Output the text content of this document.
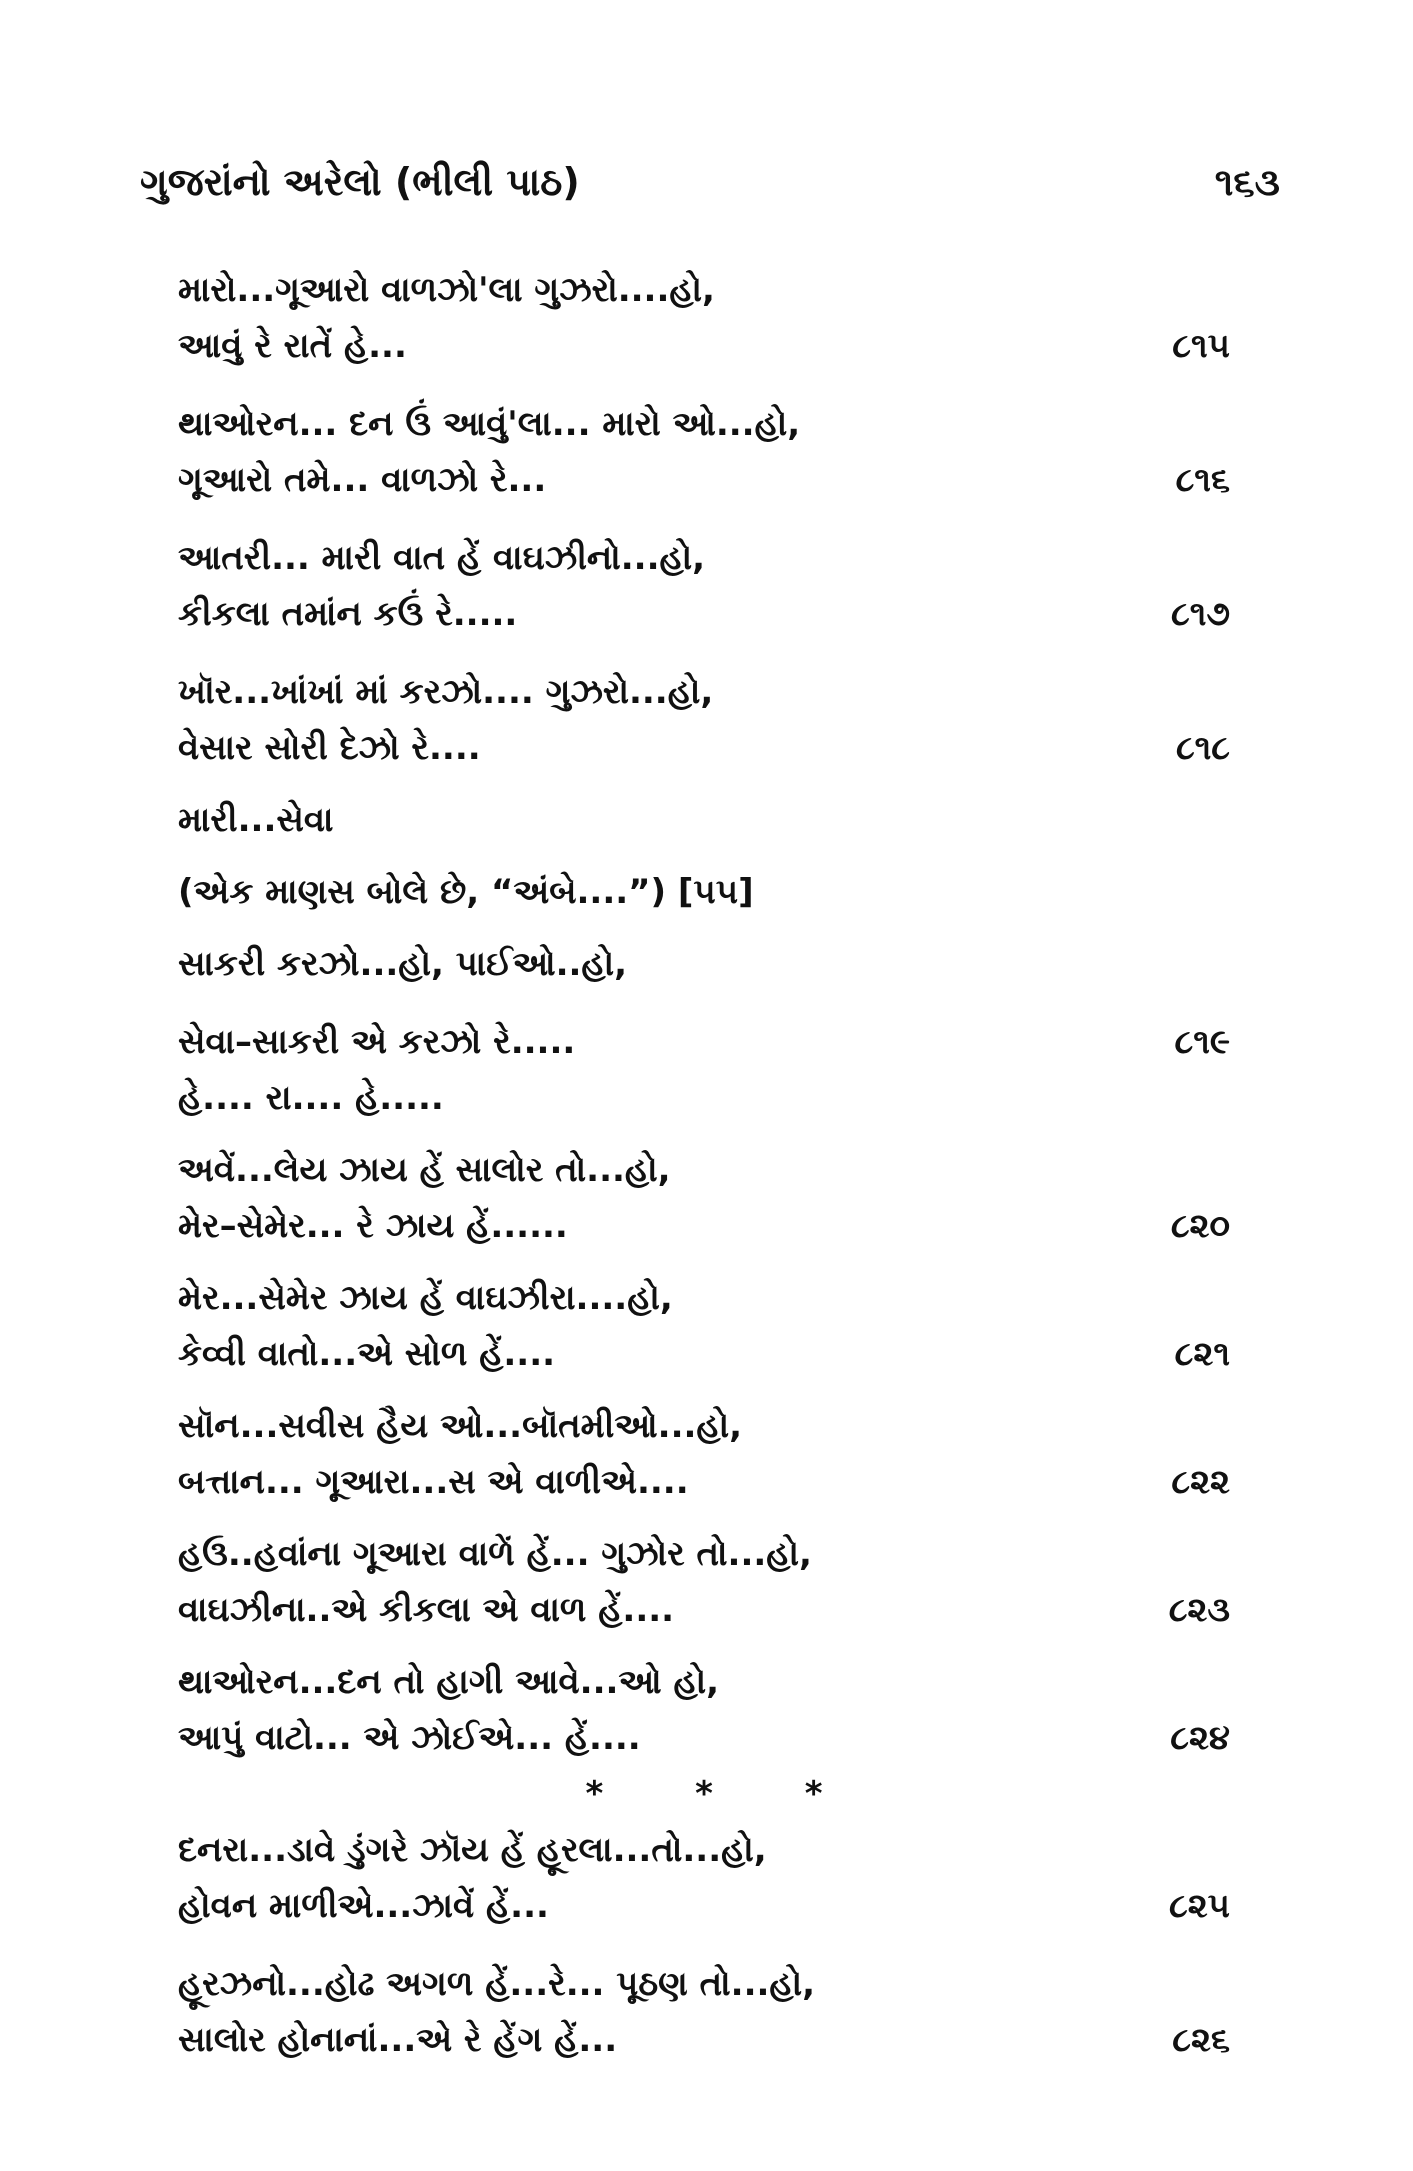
ગુજરાંનો અરેલો (ભીલી પાઠ)	૧૬૩
મારો...ગૂઆરો વાળઝો'લા ગુઝરો....હો,
આવું રે રાતેં હે...	૮૧૫
થાઓરન... દન ઉં આવું'લા... મારો ઓ...હો,
ગૂઆરો તમે... વાળઝો રે...	૮૧૬
આતરી... મારી વાત હેં વાઘઝીનો...હો,
કીકલા તમાંન કઉં રે.....	૮૧૭
ખૉર...ખાંખાં માં કરઝો.... ગુઝરો...હો,
વેસાર સોરી દેઝો રે....	૮૧૮
મારી...સેવા
(એક માણસ બોલે છે, “અંબે....”) [૫૫]
સાકરી કરઝો...હો, પાઈઓ..હો,
સેવા–સાકરી એ કરઝો રે.....	૮૧૯
હે.... રા.... હે.....
અવેં...લેય ઝાય હેં સાલોર તો...હો,
મેર–સેમેર... રે ઝાય હેં......	૮૨૦
મેર...સેમેર ઝાય હેં વાઘઝીરા....હો,
કેવ્વી વાતો...એ સોળ હેં....	૮૨૧
સૉન...સવીસ હૈય ઓ...બૉતમીઓ...હો,
બત્તાન... ગૂઆરા...સ એ વાળીએ....	૮૨૨
હઉ..હવાંના ગૂઆરા વાળેં હેં... ગુઝોર તો...હો,
વાઘઝીના..એ કીકલા એ વાળ હેં....	૮૨૩
થાઓરન...દન તો હાગી આવે...ઓ હો,
આપું વાટો... એ ઝોઈએ... હેં....	૮૨૪
* * *
દનરા...ડાવે ડુંગરે ઝૉય હેં હૂરલા...તો...હો,
હોવન માળીએ...ઝાવેં હેં...	૮૨૫
હૂરઝનો...હોઢ અગળ હેં...રે... પૂઠણ તો...હો,
સાલોર હોનાનાં...એ રે હેંગ હેં...	૮૨૬
